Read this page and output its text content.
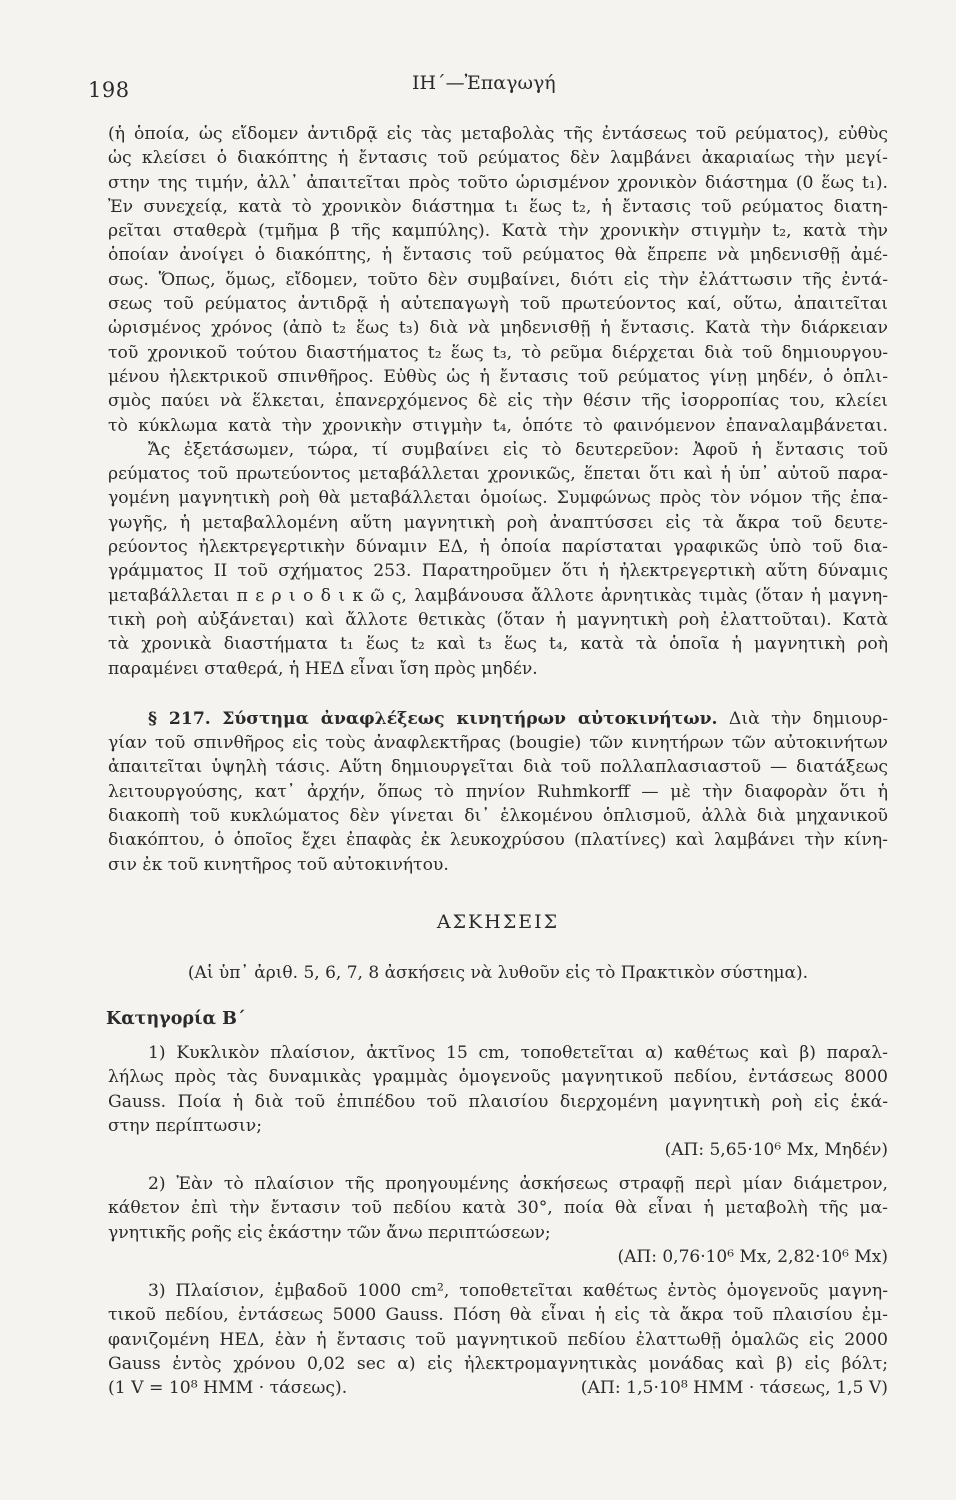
198	ΙΗ΄—Ἐπαγωγή
(ἡ ὁποία, ὡς εἴδομεν ἀντιδρᾷ εἰς τὰς μεταβολὰς τῆς ἐντάσεως τοῦ ρεύματος), εὐθὺς
ὡς κλείσει ὁ διακόπτης ἡ ἔντασις τοῦ ρεύματος δὲν λαμβάνει ἀκαριαίως τὴν μεγί-
στην της τιμήν, ἀλλ᾽ ἀπαιτεῖται πρὸς τοῦτο ὡρισμένον χρονικὸν διάστημα (0 ἕως t₁).
Ἐν συνεχείᾳ, κατὰ τὸ χρονικὸν διάστημα t₁ ἕως t₂, ἡ ἔντασις τοῦ ρεύματος διατη-
ρεῖται σταθερὰ (τμῆμα β τῆς καμπύλης). Κατὰ τὴν χρονικὴν στιγμὴν t₂, κατὰ τὴν
ὁποίαν ἀνοίγει ὁ διακόπτης, ἡ ἔντασις τοῦ ρεύματος θὰ ἔπρεπε νὰ μηδενισθῇ ἀμέ-
σως. Ὅπως, ὅμως, εἴδομεν, τοῦτο δὲν συμβαίνει, διότι εἰς τὴν ἐλάττωσιν τῆς ἐντά-
σεως τοῦ ρεύματος ἀντιδρᾷ ἡ αὐτεπαγωγὴ τοῦ πρωτεύοντος καί, οὕτω, ἀπαιτεῖται
ὡρισμένος χρόνος (ἀπὸ t₂ ἕως t₃) διὰ νὰ μηδενισθῇ ἡ ἔντασις. Κατὰ τὴν διάρκειαν
τοῦ χρονικοῦ τούτου διαστήματος t₂ ἕως t₃, τὸ ρεῦμα διέρχεται διὰ τοῦ δημιουργου-
μένου ἠλεκτρικοῦ σπινθῆρος. Εὐθὺς ὡς ἡ ἔντασις τοῦ ρεύματος γίνῃ μηδέν, ὁ ὁπλι-
σμὸς παύει νὰ ἕλκεται, ἐπανερχόμενος δὲ εἰς τὴν θέσιν τῆς ἰσορροπίας του, κλείει
τὸ κύκλωμα κατὰ τὴν χρονικὴν στιγμὴν t₄, ὁπότε τὸ φαινόμενον ἐπαναλαμβάνεται.
Ἄς ἐξετάσωμεν, τώρα, τί συμβαίνει εἰς τὸ δευτερεῦον: Ἀφοῦ ἡ ἔντασις τοῦ
ρεύματος τοῦ πρωτεύοντος μεταβάλλεται χρονικῶς, ἕπεται ὅτι καὶ ἡ ὑπ᾽ αὐτοῦ παρα-
γομένη μαγνητικὴ ροὴ θὰ μεταβάλλεται ὁμοίως. Συμφώνως πρὸς τὸν νόμον τῆς ἐπα-
γωγῆς, ἡ μεταβαλλομένη αὕτη μαγνητικὴ ροὴ ἀναπτύσσει εἰς τὰ ἄκρα τοῦ δευτε-
ρεύοντος ἠλεκτρεγερτικὴν δύναμιν EΔ, ἡ ὁποία παρίσταται γραφικῶς ὑπὸ τοῦ δια-
γράμματος II τοῦ σχήματος 253. Παρατηροῦμεν ὅτι ἡ ἠλεκτρεγερτικὴ αὕτη δύναμις
μεταβάλλεται π ε ρ ι ο δ ι κ ῶ ς, λαμβάνουσα ἄλλοτε ἀρνητικὰς τιμὰς (ὅταν ἡ μαγνη-
τικὴ ροὴ αὐξάνεται) καὶ ἄλλοτε θετικὰς (ὅταν ἡ μαγνητικὴ ροὴ ἐλαττοῦται). Κατὰ
τὰ χρονικὰ διαστήματα t₁ ἕως t₂ καὶ t₃ ἕως t₄, κατὰ τὰ ὁποῖα ἡ μαγνητικὴ ροὴ
παραμένει σταθερά, ἡ ΗΕΔ εἶναι ἴση πρὸς μηδέν.
§ 217. Σύστημα ἀναφλέξεως κινητήρων αὐτοκινήτων. Διὰ τὴν δημιουρ-
γίαν τοῦ σπινθῆρος εἰς τοὺς ἀναφλεκτῆρας (bougie) τῶν κινητήρων τῶν αὐτοκινήτων
ἀπαιτεῖται ὑψηλὴ τάσις. Αὕτη δημιουργεῖται διὰ τοῦ πολλαπλασιαστοῦ — διατάξεως
λειτουργούσης, κατ᾽ ἀρχήν, ὅπως τὸ πηνίον Ruhmkorff — μὲ τὴν διαφορὰν ὅτι ἡ
διακοπὴ τοῦ κυκλώματος δὲν γίνεται δι᾽ ἑλκομένου ὁπλισμοῦ, ἀλλὰ διὰ μηχανικοῦ
διακόπτου, ὁ ὁποῖος ἔχει ἐπαφὰς ἐκ λευκοχρύσου (πλατίνες) καὶ λαμβάνει τὴν κίνη-
σιν ἐκ τοῦ κινητῆρος τοῦ αὐτοκινήτου.
ΑΣΚΗΣΕΙΣ
(Αἱ ὑπ᾽ ἀριθ. 5, 6, 7, 8 ἀσκήσεις νὰ λυθοῦν εἰς τὸ Πρακτικὸν σύστημα).
Κατηγορία Β΄
1) Κυκλικὸν πλαίσιον, ἀκτῖνος 15 cm, τοποθετεῖται α) καθέτως καὶ β) παραλ-
λήλως πρὸς τὰς δυναμικὰς γραμμὰς ὁμογενοῦς μαγνητικοῦ πεδίου, ἐντάσεως 8000
Gauss. Ποία ἡ διὰ τοῦ ἐπιπέδου τοῦ πλαισίου διερχομένη μαγνητικὴ ροὴ εἰς ἑκά-
στην περίπτωσιν;
(ΑΠ: 5,65·10⁶ Mx, Μηδέν)
2) Ἐὰν τὸ πλαίσιον τῆς προηγουμένης ἀσκήσεως στραφῇ περὶ μίαν διάμετρον,
κάθετον ἐπὶ τὴν ἔντασιν τοῦ πεδίου κατὰ 30°, ποία θὰ εἶναι ἡ μεταβολὴ τῆς μα-
γνητικῆς ροῆς εἰς ἑκάστην τῶν ἄνω περιπτώσεων;
(ΑΠ: 0,76·10⁶ Mx, 2,82·10⁶ Mx)
3) Πλαίσιον, ἐμβαδοῦ 1000 cm², τοποθετεῖται καθέτως ἐντὸς ὁμογενοῦς μαγνη-
τικοῦ πεδίου, ἐντάσεως 5000 Gauss. Πόση θὰ εἶναι ἡ εἰς τὰ ἄκρα τοῦ πλαισίου ἐμ-
φανιζομένη ΗΕΔ, ἐὰν ἡ ἔντασις τοῦ μαγνητικοῦ πεδίου ἐλαττωθῇ ὁμαλῶς εἰς 2000
Gauss ἐντὸς χρόνου 0,02 sec α) εἰς ἠλεκτρομαγνητικὰς μονάδας καὶ β) εἰς βόλτ;
(1 V = 10⁸ ΗΜΜ · τάσεως).	(ΑΠ: 1,5·10⁸ ΗΜΜ · τάσεως, 1,5 V)
